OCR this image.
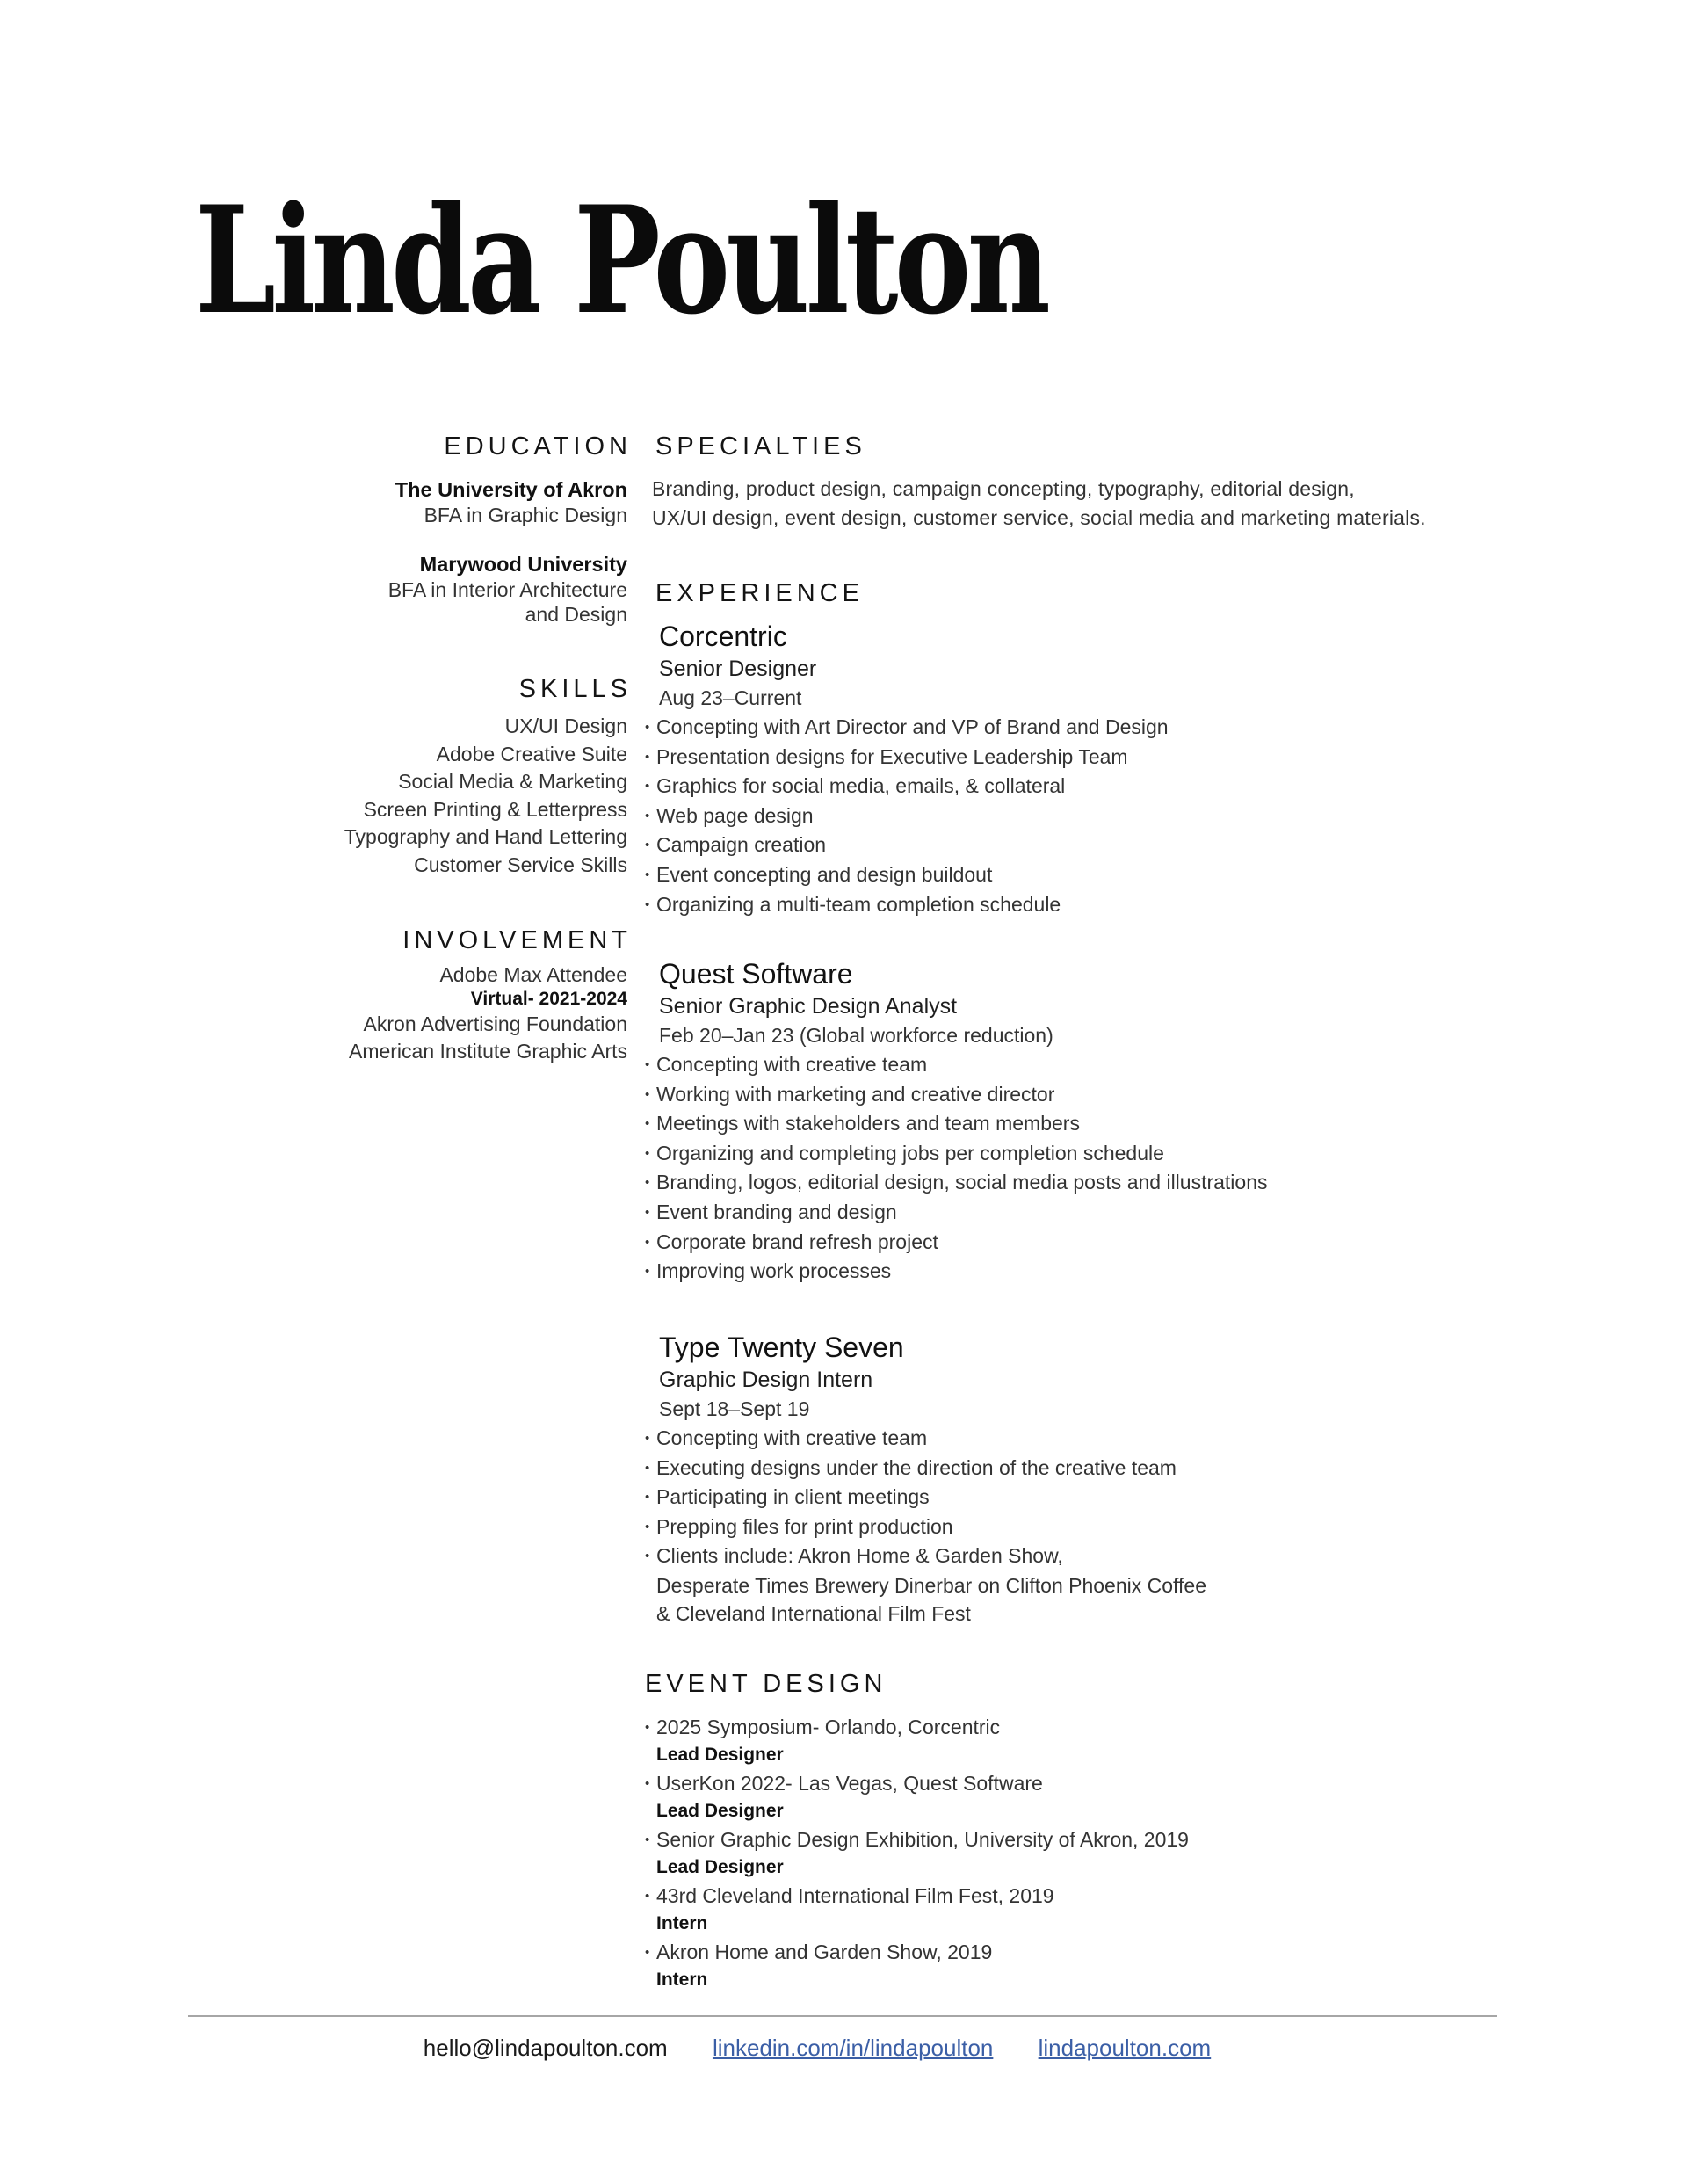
Linda Poulton
EDUCATION
The University of Akron
BFA in Graphic Design
Marywood University
BFA in Interior Architecture
and Design
SKILLS
UX/UI Design
Adobe Creative Suite
Social Media & Marketing
Screen Printing & Letterpress
Typography and Hand Lettering
Customer Service Skills
INVOLVEMENT
Adobe Max Attendee
Virtual- 2021-2024
Akron Advertising Foundation
American Institute Graphic Arts
SPECIALTIES
Branding, product design, campaign concepting, typography, editorial design,
UX/UI design, event design, customer service, social media and marketing materials.
EXPERIENCE
Corcentric
Senior Designer
Aug 23–Current
• Concepting with Art Director and VP of Brand and Design
• Presentation designs for Executive Leadership Team
• Graphics for social media, emails, & collateral
• Web page design
• Campaign creation
• Event concepting and design buildout
• Organizing a multi-team completion schedule
Quest Software
Senior Graphic Design Analyst
Feb 20–Jan 23 (Global workforce reduction)
• Concepting with creative team
• Working with marketing and creative director
• Meetings with stakeholders and team members
• Organizing and completing jobs per completion schedule
• Branding, logos, editorial design, social media posts and illustrations
• Event branding and design
• Corporate brand refresh project
• Improving work processes
Type Twenty Seven
Graphic Design Intern
Sept 18–Sept 19
• Concepting with creative team
• Executing designs under the direction of the creative team
• Participating in client meetings
• Prepping files for print production
• Clients include: Akron Home & Garden Show,
Desperate Times Brewery Dinerbar on Clifton Phoenix Coffee
& Cleveland International Film Fest
EVENT DESIGN
• 2025 Symposium- Orlando, Corcentric
Lead Designer
• UserKon 2022- Las Vegas, Quest Software
Lead Designer
• Senior Graphic Design Exhibition, University of Akron, 2019
Lead Designer
• 43rd Cleveland International Film Fest, 2019
Intern
• Akron Home and Garden Show, 2019
Intern
hello@lindapoulton.com linkedin.com/in/lindapoulton lindapoulton.com
